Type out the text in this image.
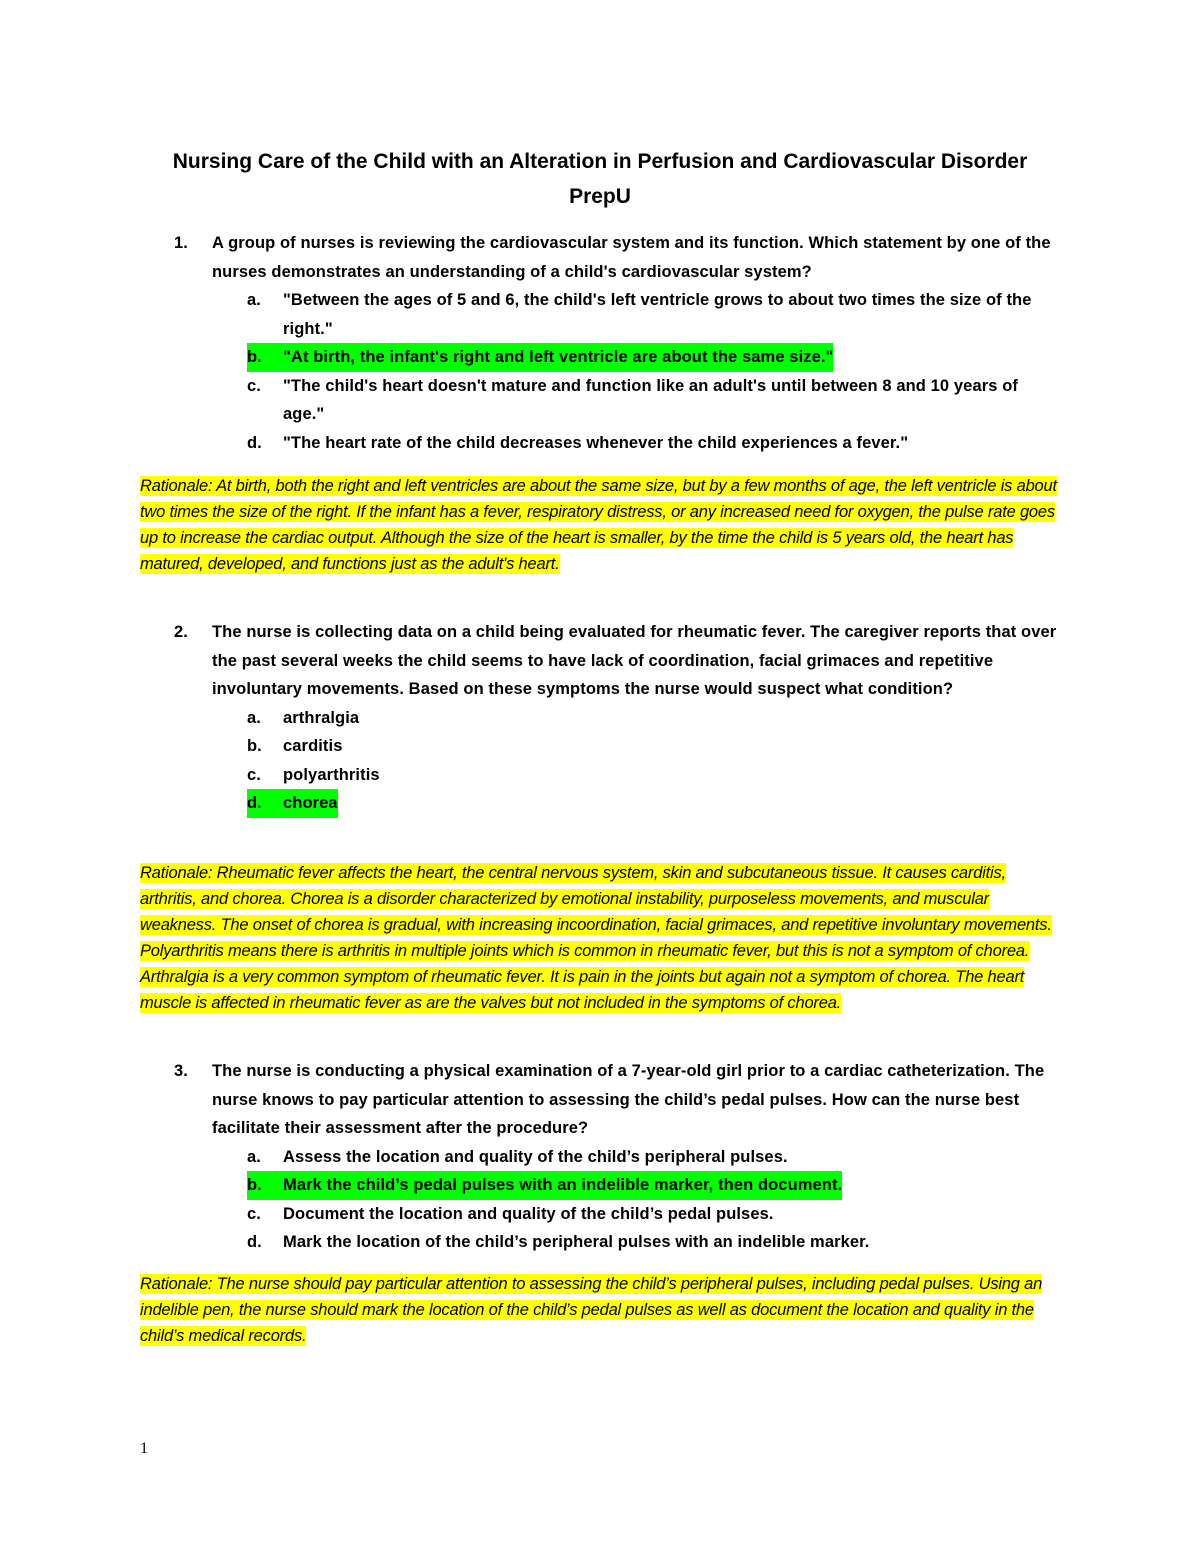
Nursing Care of the Child with an Alteration in Perfusion and Cardiovascular Disorder PrepU
1.	A group of nurses is reviewing the cardiovascular system and its function. Which statement by one of the nurses demonstrates an understanding of a child's cardiovascular system?
a.	"Between the ages of 5 and 6, the child's left ventricle grows to about two times the size of the right."
b.	"At birth, the infant's right and left ventricle are about the same size."
c.	"The child's heart doesn't mature and function like an adult's until between 8 and 10 years of age."
d.	"The heart rate of the child decreases whenever the child experiences a fever."
Rationale: At birth, both the right and left ventricles are about the same size, but by a few months of age, the left ventricle is about two times the size of the right. If the infant has a fever, respiratory distress, or any increased need for oxygen, the pulse rate goes up to increase the cardiac output. Although the size of the heart is smaller, by the time the child is 5 years old, the heart has matured, developed, and functions just as the adult's heart.
2.	The nurse is collecting data on a child being evaluated for rheumatic fever. The caregiver reports that over the past several weeks the child seems to have lack of coordination, facial grimaces and repetitive involuntary movements. Based on these symptoms the nurse would suspect what condition?
a.	arthralgia
b.	carditis
c.	polyarthritis
d.	chorea
Rationale: Rheumatic fever affects the heart, the central nervous system, skin and subcutaneous tissue. It causes carditis, arthritis, and chorea. Chorea is a disorder characterized by emotional instability, purposeless movements, and muscular weakness. The onset of chorea is gradual, with increasing incoordination, facial grimaces, and repetitive involuntary movements. Polyarthritis means there is arthritis in multiple joints which is common in rheumatic fever, but this is not a symptom of chorea. Arthralgia is a very common symptom of rheumatic fever. It is pain in the joints but again not a symptom of chorea. The heart muscle is affected in rheumatic fever as are the valves but not included in the symptoms of chorea.
3.	The nurse is conducting a physical examination of a 7-year-old girl prior to a cardiac catheterization. The nurse knows to pay particular attention to assessing the child’s pedal pulses. How can the nurse best facilitate their assessment after the procedure?
a.	Assess the location and quality of the child’s peripheral pulses.
b.	Mark the child’s pedal pulses with an indelible marker, then document.
c.	Document the location and quality of the child’s pedal pulses.
d.	Mark the location of the child’s peripheral pulses with an indelible marker.
Rationale: The nurse should pay particular attention to assessing the child’s peripheral pulses, including pedal pulses. Using an indelible pen, the nurse should mark the location of the child’s pedal pulses as well as document the location and quality in the child’s medical records.
1
